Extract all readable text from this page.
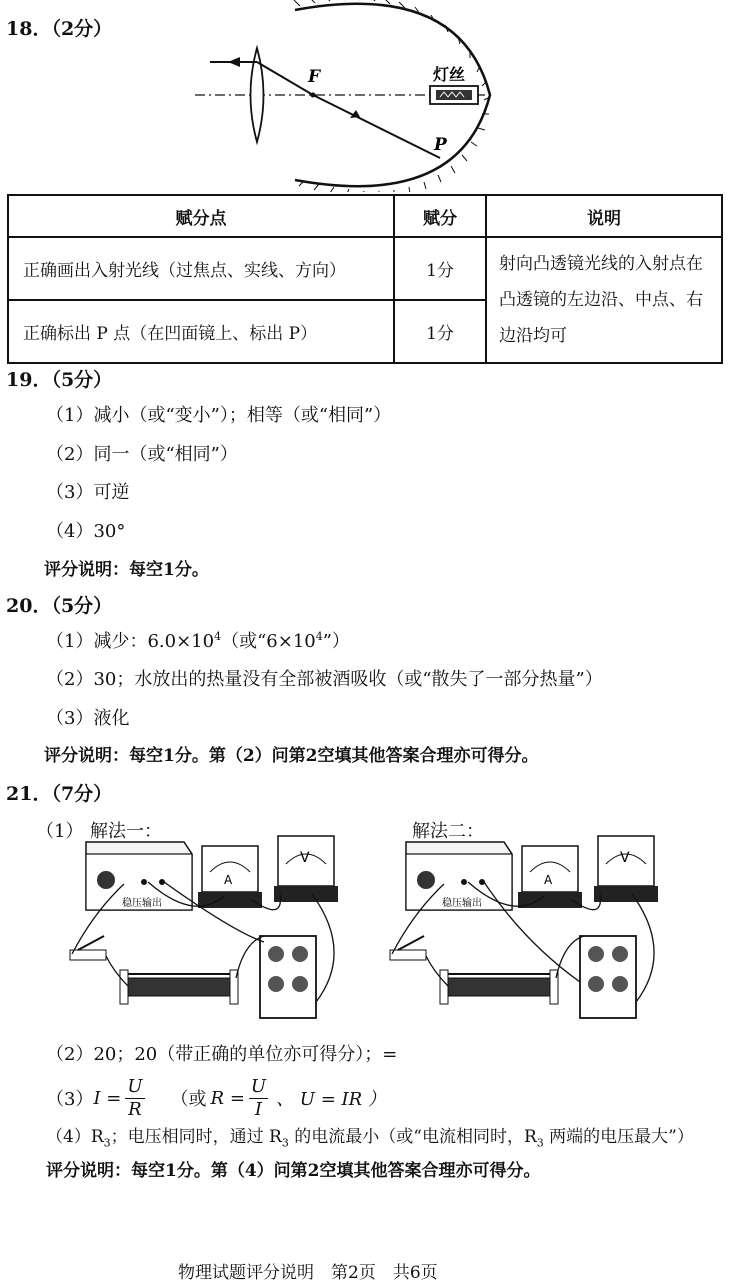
18．（2分）
F
P
灯丝
赋分点	赋分	说明
正确画出入射光线（过焦点、实线、方向）	1分	射向凸透镜光线的入射点在凸透镜的左边沿、中点、右边沿均可
正确标出 P 点（在凹面镜上、标出 P）	1分	
19．（5分）
（1）减小（或“变小”）；相等（或“相同”）
（2）同一（或“相同”）
（3）可逆
（4）30°
评分说明：每空1分。
20．（5分）
（1）减少：$6.0\times 10^4$（或“$6\times 10^4$”）
（2）30；水放出的热量没有全部被酒吸收（或“散失了一部分热量”）
（3）液化
评分说明：每空1分。第（2）问第2空填其他答案合理亦可得分。
21．（7分）
（1） 解法一：	解法二：
稳压输出
A
V
稳压输出
A
V
（2）20；20（带正确的单位亦可得分）；=
（3） $I = \frac{U}{R}$ （或 $R = \frac{U}{I}$ 、 U = IR ）
$(4)R_3$；电压相同时，通过 $R_3$ 的电流最小（或“电流相同时，$R_3$ 两端的电压最大”）
评分说明：每空1分。第（4）问第2空填其他答案合理亦可得分。
物理试题评分说明　第2页　共6页
